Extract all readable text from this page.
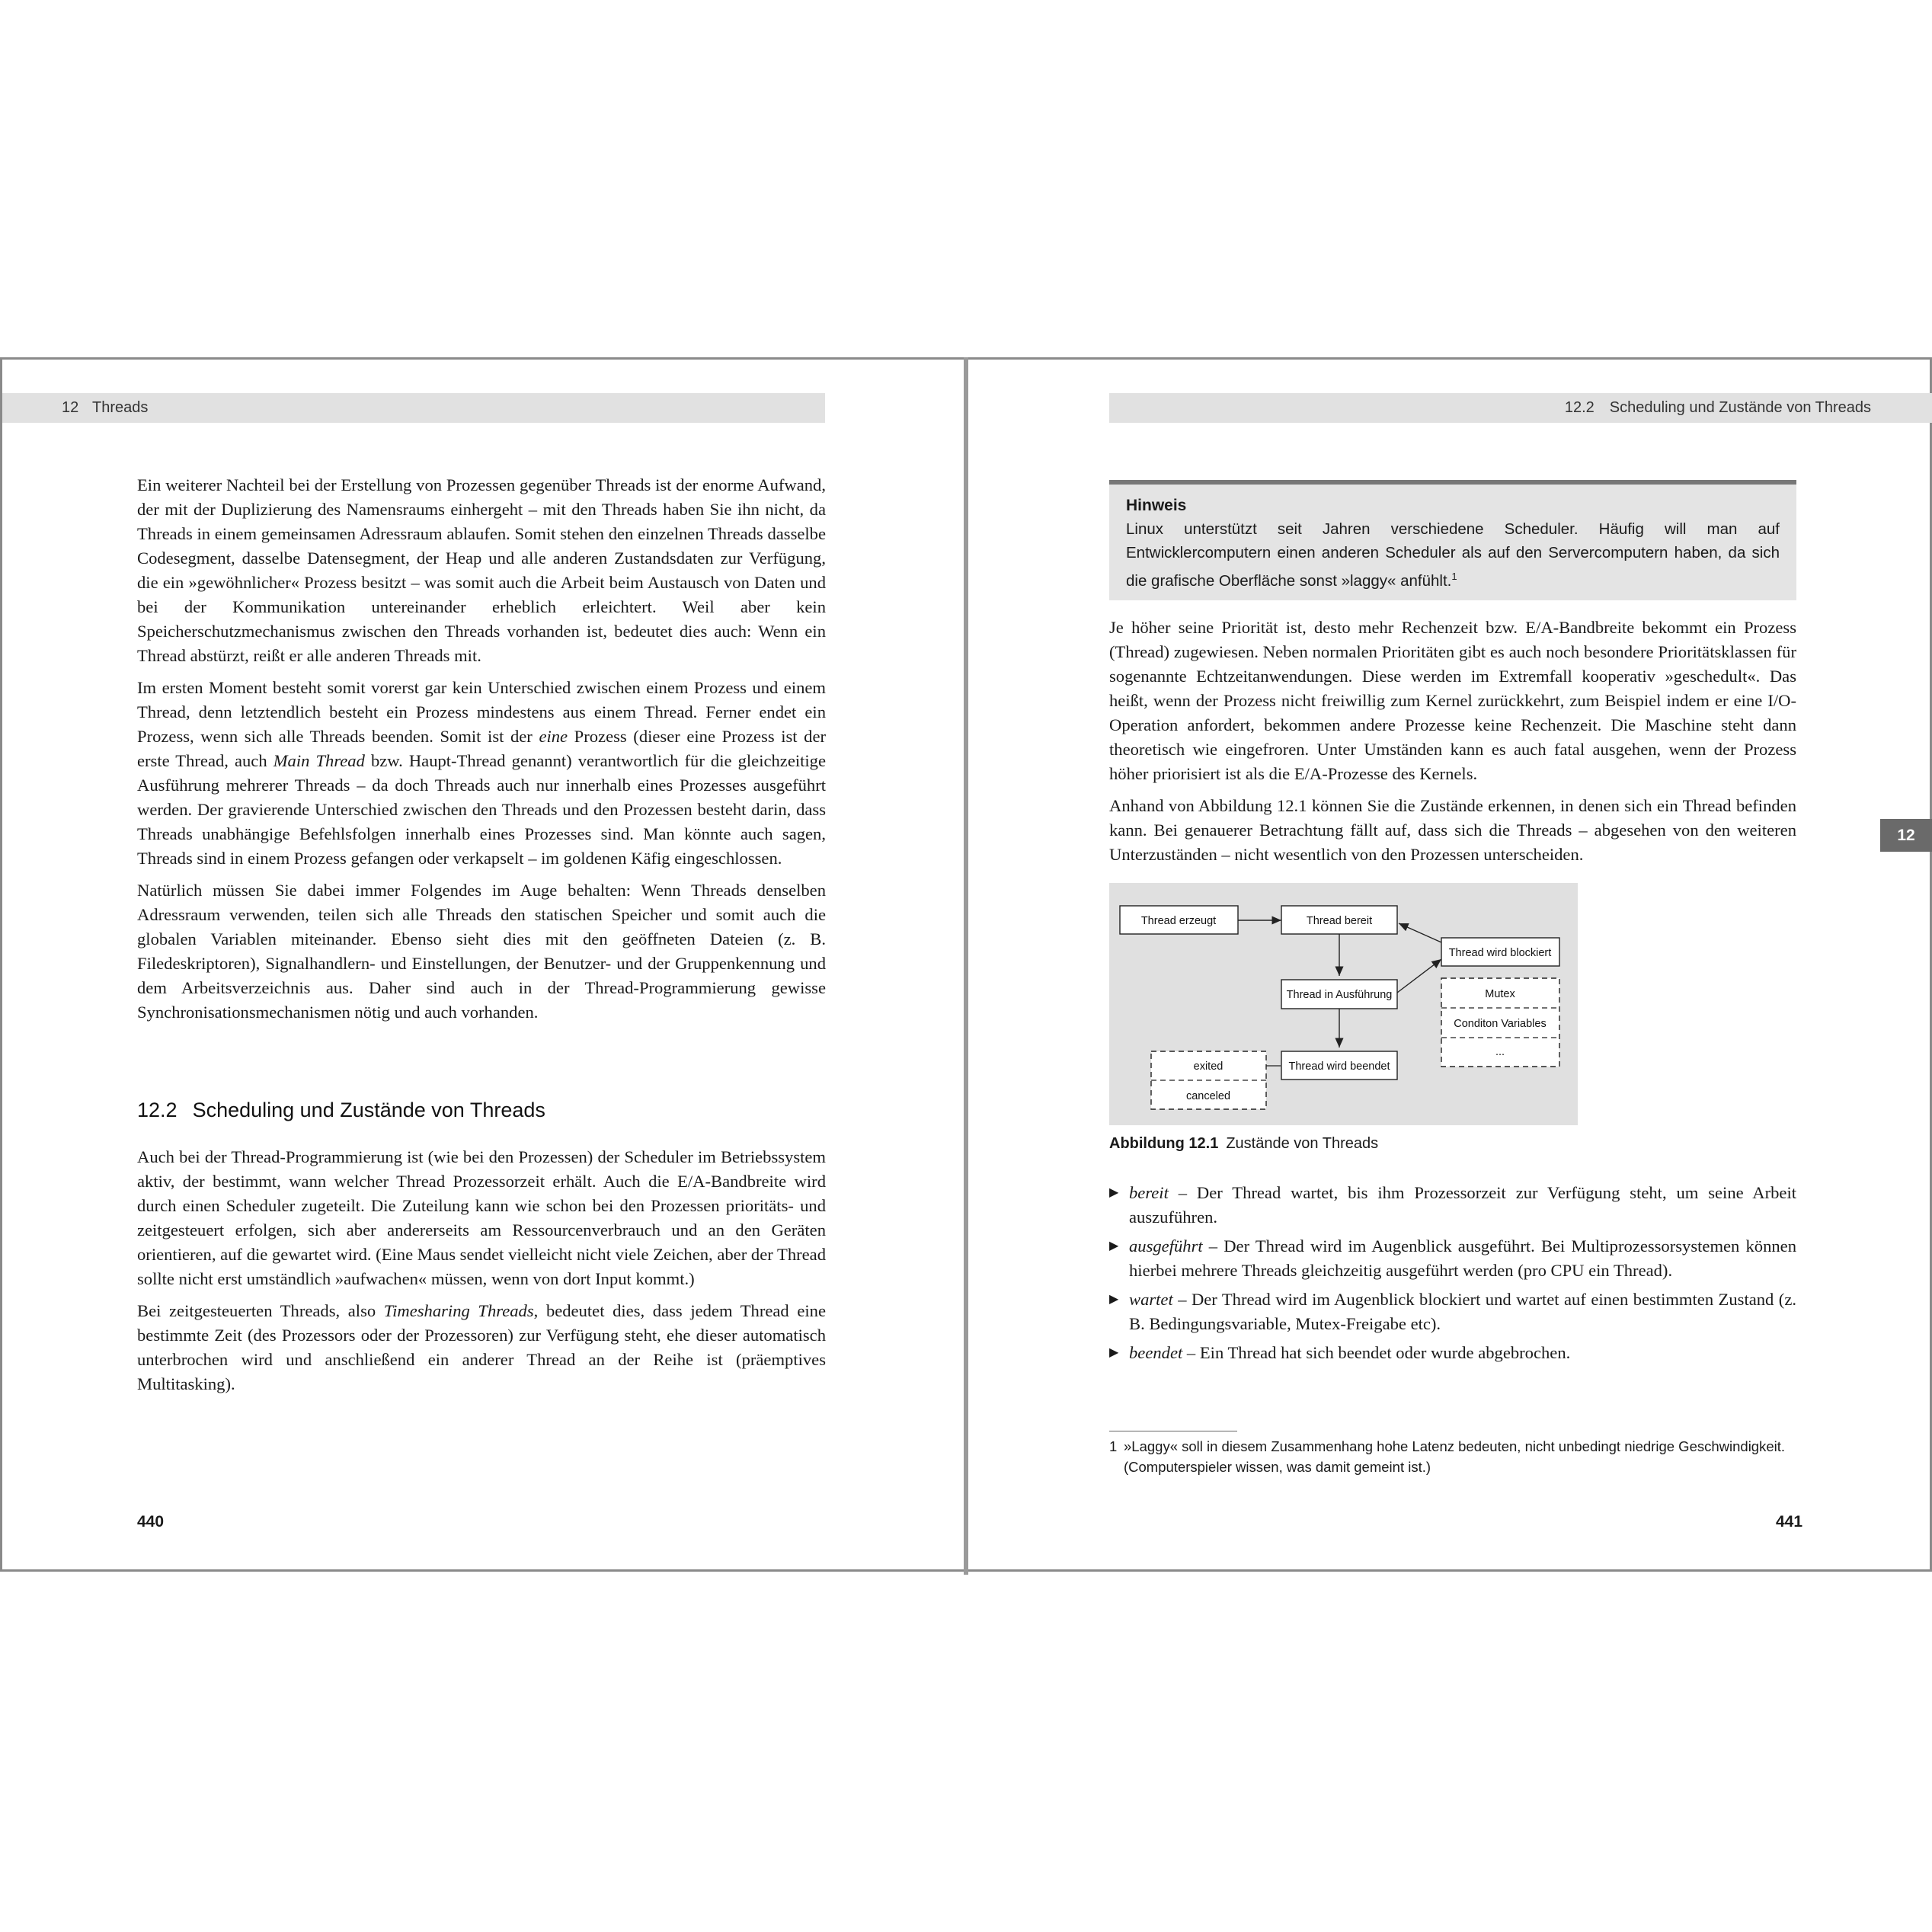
12 Threads

Ein weiterer Nachteil bei der Erstellung von Prozessen gegenüber Threads ist der enorme Aufwand, der mit der Duplizierung des Namensraums einhergeht – mit den Threads haben Sie ihn nicht, da Threads in einem gemeinsamen Adressraum ablaufen. Somit stehen den einzelnen Threads dasselbe Codesegment, dasselbe Datensegment, der Heap und alle anderen Zustandsdaten zur Verfügung, die ein »gewöhnlicher« Prozess besitzt – was somit auch die Arbeit beim Austausch von Daten und bei der Kommunikation untereinander erheblich erleichtert. Weil aber kein Speicherschutzmechanismus zwischen den Threads vorhanden ist, bedeutet dies auch: Wenn ein Thread abstürzt, reißt er alle anderen Threads mit.

Im ersten Moment besteht somit vorerst gar kein Unterschied zwischen einem Prozess und einem Thread, denn letztendlich besteht ein Prozess mindestens aus einem Thread. Ferner endet ein Prozess, wenn sich alle Threads beenden. Somit ist der eine Prozess (dieser eine Prozess ist der erste Thread, auch Main Thread bzw. Haupt-Thread genannt) verantwortlich für die gleichzeitige Ausführung mehrerer Threads – da doch Threads auch nur innerhalb eines Prozesses ausgeführt werden. Der gravierende Unterschied zwischen den Threads und den Prozessen besteht darin, dass Threads unabhängige Befehlsfolgen innerhalb eines Prozesses sind. Man könnte auch sagen, Threads sind in einem Prozess gefangen oder verkapselt – im goldenen Käfig eingeschlossen.

Natürlich müssen Sie dabei immer Folgendes im Auge behalten: Wenn Threads denselben Adressraum verwenden, teilen sich alle Threads den statischen Speicher und somit auch die globalen Variablen miteinander. Ebenso sieht dies mit den geöffneten Dateien (z. B. Filedeskriptoren), Signalhandlern- und Einstellungen, der Benutzer- und der Gruppenkennung und dem Arbeitsverzeichnis aus. Daher sind auch in der Thread-Programmierung gewisse Synchronisationsmechanismen nötig und auch vorhanden.

12.2 Scheduling und Zustände von Threads

Auch bei der Thread-Programmierung ist (wie bei den Prozessen) der Scheduler im Betriebssystem aktiv, der bestimmt, wann welcher Thread Prozessorzeit erhält. Auch die E/A-Bandbreite wird durch einen Scheduler zugeteilt. Die Zuteilung kann wie schon bei den Prozessen prioritäts- und zeitgesteuert erfolgen, sich aber andererseits am Ressourcenverbrauch und an den Geräten orientieren, auf die gewartet wird. (Eine Maus sendet vielleicht nicht viele Zeichen, aber der Thread sollte nicht erst umständlich »aufwachen« müssen, wenn von dort Input kommt.)

Bei zeitgesteuerten Threads, also Timesharing Threads, bedeutet dies, dass jedem Thread eine bestimmte Zeit (des Prozessors oder der Prozessoren) zur Verfügung steht, ehe dieser automatisch unterbrochen wird und anschließend ein anderer Thread an der Reihe ist (präemptives Multitasking).

440
12.2 Scheduling und Zustände von Threads
Hinweis
Linux unterstützt seit Jahren verschiedene Scheduler. Häufig will man auf Entwicklercomputern einen anderen Scheduler als auf den Servercomputern haben, da sich die grafische Oberfläche sonst »laggy« anfühlt.$^1$

Je höher seine Priorität ist, desto mehr Rechenzeit bzw. E/A-Bandbreite bekommt ein Prozess (Thread) zugewiesen. Neben normalen Prioritäten gibt es auch noch besondere Prioritätsklassen für sogenannte Echtzeitanwendungen. Diese werden im Extremfall kooperativ »geschedult«. Das heißt, wenn der Prozess nicht freiwillig zum Kernel zurückkehrt, zum Beispiel indem er eine I/O-Operation anfordert, bekommen andere Prozesse keine Rechenzeit. Die Maschine steht dann theoretisch wie eingefroren. Unter Umständen kann es auch fatal ausgehen, wenn der Prozess höher priorisiert ist als die E/A-Prozesse des Kernels.

Anhand von Abbildung 12.1 können Sie die Zustände erkennen, in denen sich ein Thread befinden kann. Bei genauerer Betrachtung fällt auf, dass sich die Threads – abgesehen von den weiteren Unterzuständen – nicht wesentlich von den Prozessen unterscheiden.

Thread erzeugt	Thread bereit
Thread wird blockiert
Thread in Ausführung
Thread wird beendet
Mutex
Conditon Variables
...
exited
canceled
Abbildung 12.1 Zustände von Threads
▶ bereit – Der Thread wartet, bis ihm Prozessorzeit zur Verfügung steht, um seine Arbeit auszuführen.
▶ ausgeführt – Der Thread wird im Augenblick ausgeführt. Bei Multiprozessorsystemen können hierbei mehrere Threads gleichzeitig ausgeführt werden (pro CPU ein Thread).
▶ wartet – Der Thread wird im Augenblick blockiert und wartet auf einen bestimmten Zustand (z. B. Bedingungsvariable, Mutex-Freigabe etc).
▶ beendet – Ein Thread hat sich beendet oder wurde abgebrochen.
1 »Laggy« soll in diesem Zusammenhang hohe Latenz bedeuten, nicht unbedingt niedrige Geschwindigkeit. (Computerspieler wissen, was damit gemeint ist.)
441
12
